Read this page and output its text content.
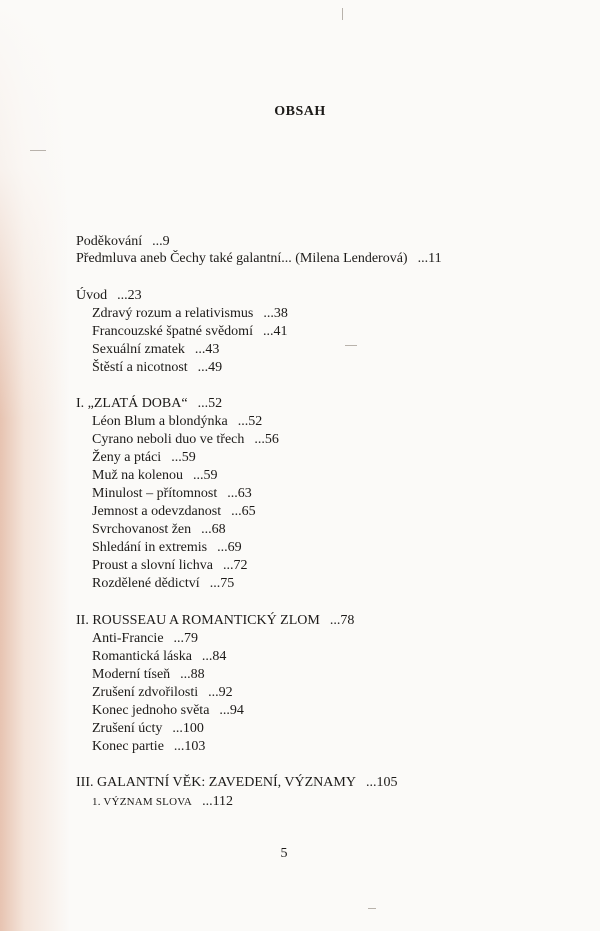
OBSAH
Poděkování ...9
Předmluva aneb Čechy také galantní... (Milena Lenderová) ...11
Úvod ...23
Zdravý rozum a relativismus ...38
Francouzské špatné svědomí ...41
Sexuální zmatek ...43
Štěstí a nicotnost ...49
I. „ZLATÁ DOBA“ ...52
Léon Blum a blondýnka ...52
Cyrano neboli duo ve třech ...56
Ženy a ptáci ...59
Muž na kolenou ...59
Minulost – přítomnost ...63
Jemnost a odevzdanost ...65
Svrchovanost žen ...68
Shledání in extremis ...69
Proust a slovní lichva ...72
Rozdělené dědictví ...75
II. ROUSSEAU A ROMANTICKÝ ZLOM ...78
Anti-Francie ...79
Romantická láska ...84
Moderní tíseň ...88
Zrušení zdvořilosti ...92
Konec jednoho světa ...94
Zrušení úcty ...100
Konec partie ...103
III. GALANTNÍ VĚK: ZAVEDENÍ, VÝZNAMY ...105
1. VÝZNAM SLOVA ...112
5
